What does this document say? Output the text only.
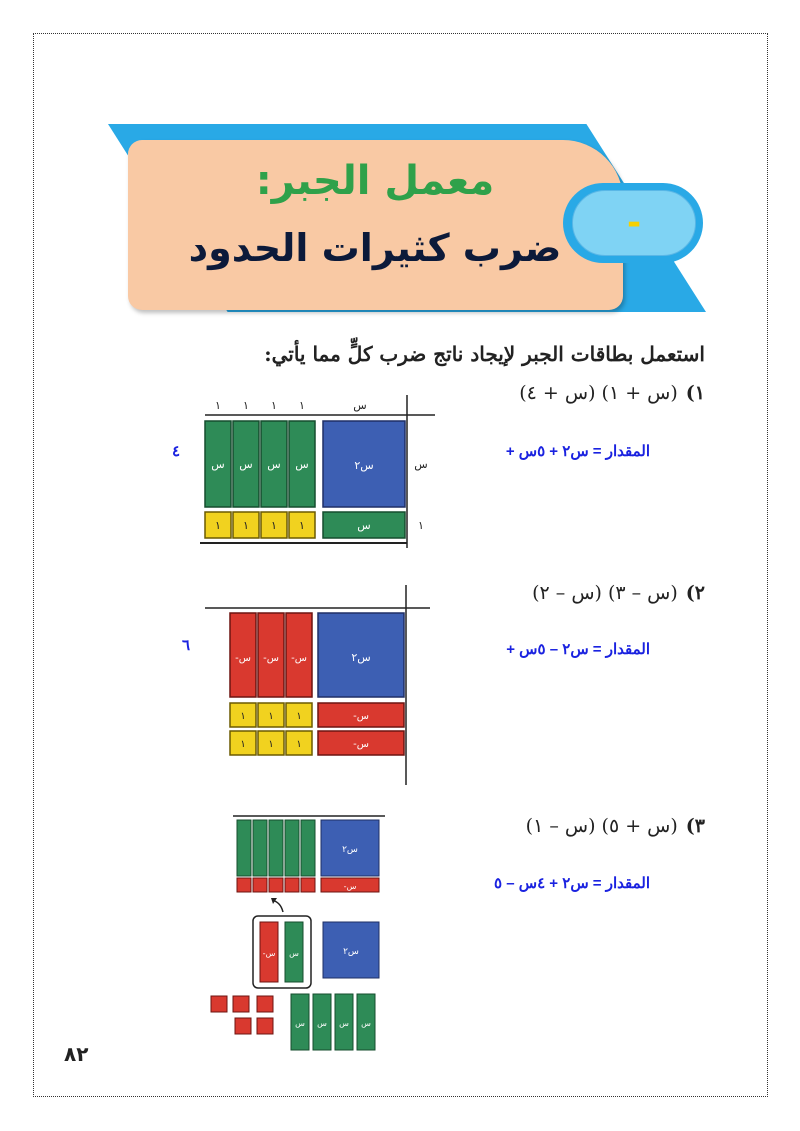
معمل الجبر:
ضرب كثيرات الحدود
-
استعمل بطاقات الجبر لإيجاد ناتج ضرب كلٍّ مما يأتي:
١)(س + ١) (س + ٤)
المقدار = س٢ + ٥س +
٤
س٢
س س س س
س
١ ١ ١ ١
١ ١ ١ ١	س
س
١
٢)(س – ٣) (س – ٢)
المقدار = س٢ – ٥س +
٦
س٢
-س -س -س
-س
-س
١ ١ ١
١ ١ ١
٣)(س + ٥) (س – ١)
المقدار = س٢ + ٤س – ٥
س٢
-س
-س س	س٢
س س س س
٨٢
